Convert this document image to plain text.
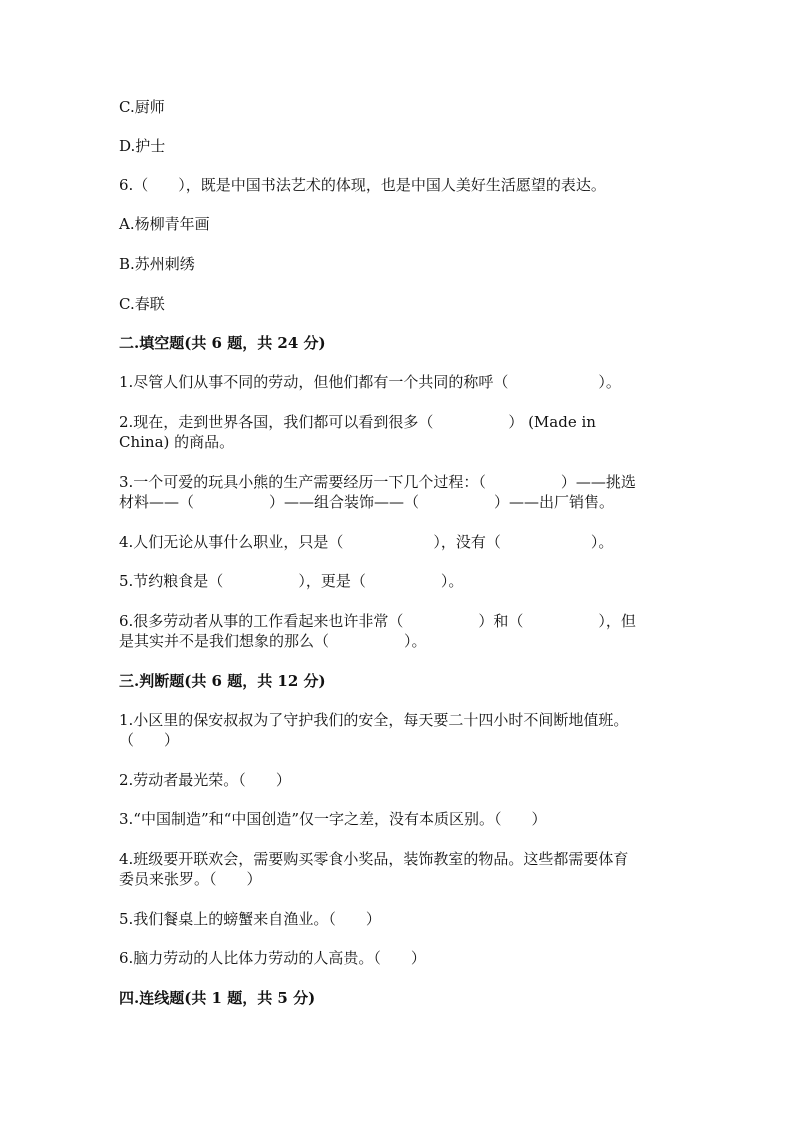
C.厨师
D.护士
6.（　　），既是中国书法艺术的体现，也是中国人美好生活愿望的表达。
A.杨柳青年画
B.苏州刺绣
C.春联
二.填空题(共 6 题，共 24 分)
1.尽管人们从事不同的劳动，但他们都有一个共同的称呼（　　　　　　）。
2.现在，走到世界各国，我们都可以看到很多（　　　　　） (Made in
China) 的商品。
3.一个可爱的玩具小熊的生产需要经历一下几个过程：（　　　　　）——挑选
材料——（　　　　　）——组合装饰——（　　　　　）——出厂销售。
4.人们无论从事什么职业，只是（　　　　　　），没有（　　　　　　）。
5.节约粮食是（　　　　　），更是（　　　　　）。
6.很多劳动者从事的工作看起来也许非常（　　　　　）和（　　　　　），但
是其实并不是我们想象的那么（　　　　　）。
三.判断题(共 6 题，共 12 分)
1.小区里的保安叔叔为了守护我们的安全，每天要二十四小时不间断地值班。
（　　）
2.劳动者最光荣。（　　）
3.“中国制造”和“中国创造”仅一字之差，没有本质区别。（　　）
4.班级要开联欢会，需要购买零食小奖品，装饰教室的物品。这些都需要体育
委员来张罗。（　　）
5.我们餐桌上的螃蟹来自渔业。（　　）
6.脑力劳动的人比体力劳动的人高贵。（　　）
四.连线题(共 1 题，共 5 分)
